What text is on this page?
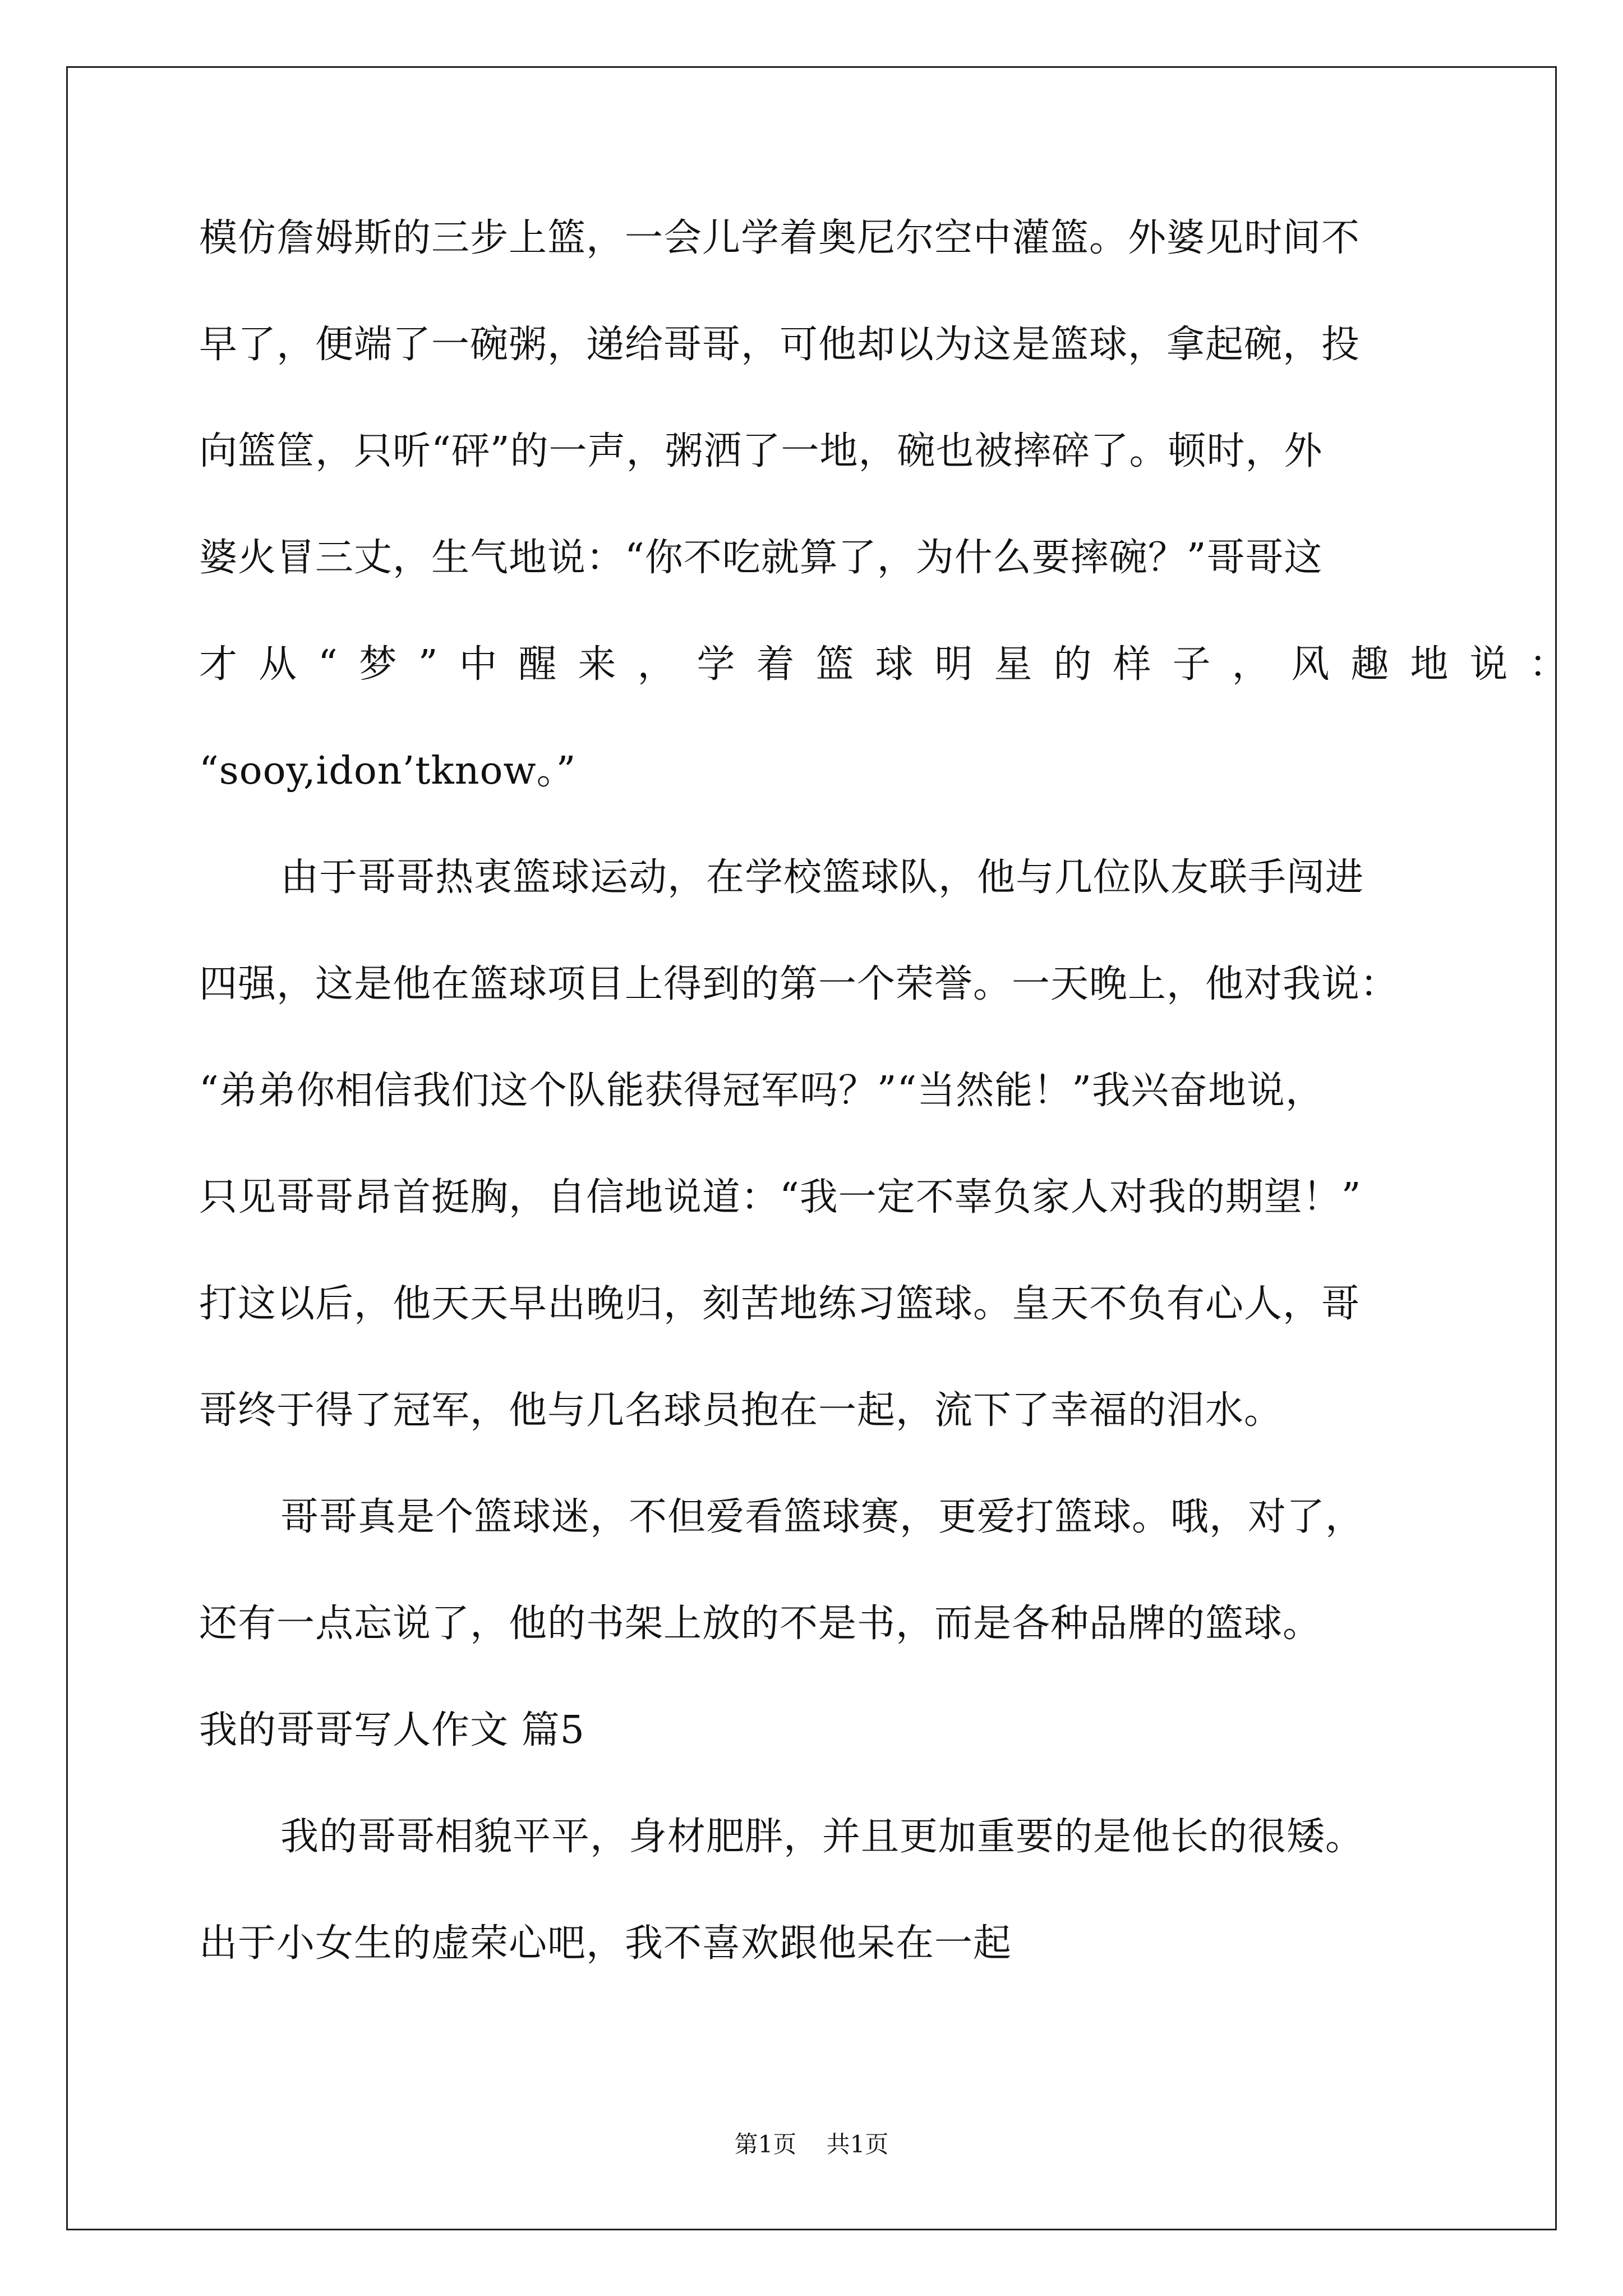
模仿詹姆斯的三步上篮，一会儿学着奥尼尔空中灌篮。外婆见时间不
早了，便端了一碗粥，递给哥哥，可他却以为这是篮球，拿起碗，投
向篮筐，只听“砰”的一声，粥洒了一地，碗也被摔碎了。顿时，外
婆火冒三丈，生气地说：“你不吃就算了，为什么要摔碗？”哥哥这
才从“梦”中醒来，学着篮球明星的样子，风趣地说：
“sooy,idon’tknow。”
由于哥哥热衷篮球运动，在学校篮球队，他与几位队友联手闯进
四强，这是他在篮球项目上得到的第一个荣誉。一天晚上，他对我说：
“弟弟你相信我们这个队能获得冠军吗？”“当然能！”我兴奋地说，
只见哥哥昂首挺胸，自信地说道：“我一定不辜负家人对我的期望！”
打这以后，他天天早出晚归，刻苦地练习篮球。皇天不负有心人，哥
哥终于得了冠军，他与几名球员抱在一起，流下了幸福的泪水。
哥哥真是个篮球迷，不但爱看篮球赛，更爱打篮球。哦，对了，
还有一点忘说了，他的书架上放的不是书，而是各种品牌的篮球。
我的哥哥写人作文 篇5
我的哥哥相貌平平，身材肥胖，并且更加重要的是他长的很矮。
出于小女生的虚荣心吧，我不喜欢跟他呆在一起
第1页 共1页
